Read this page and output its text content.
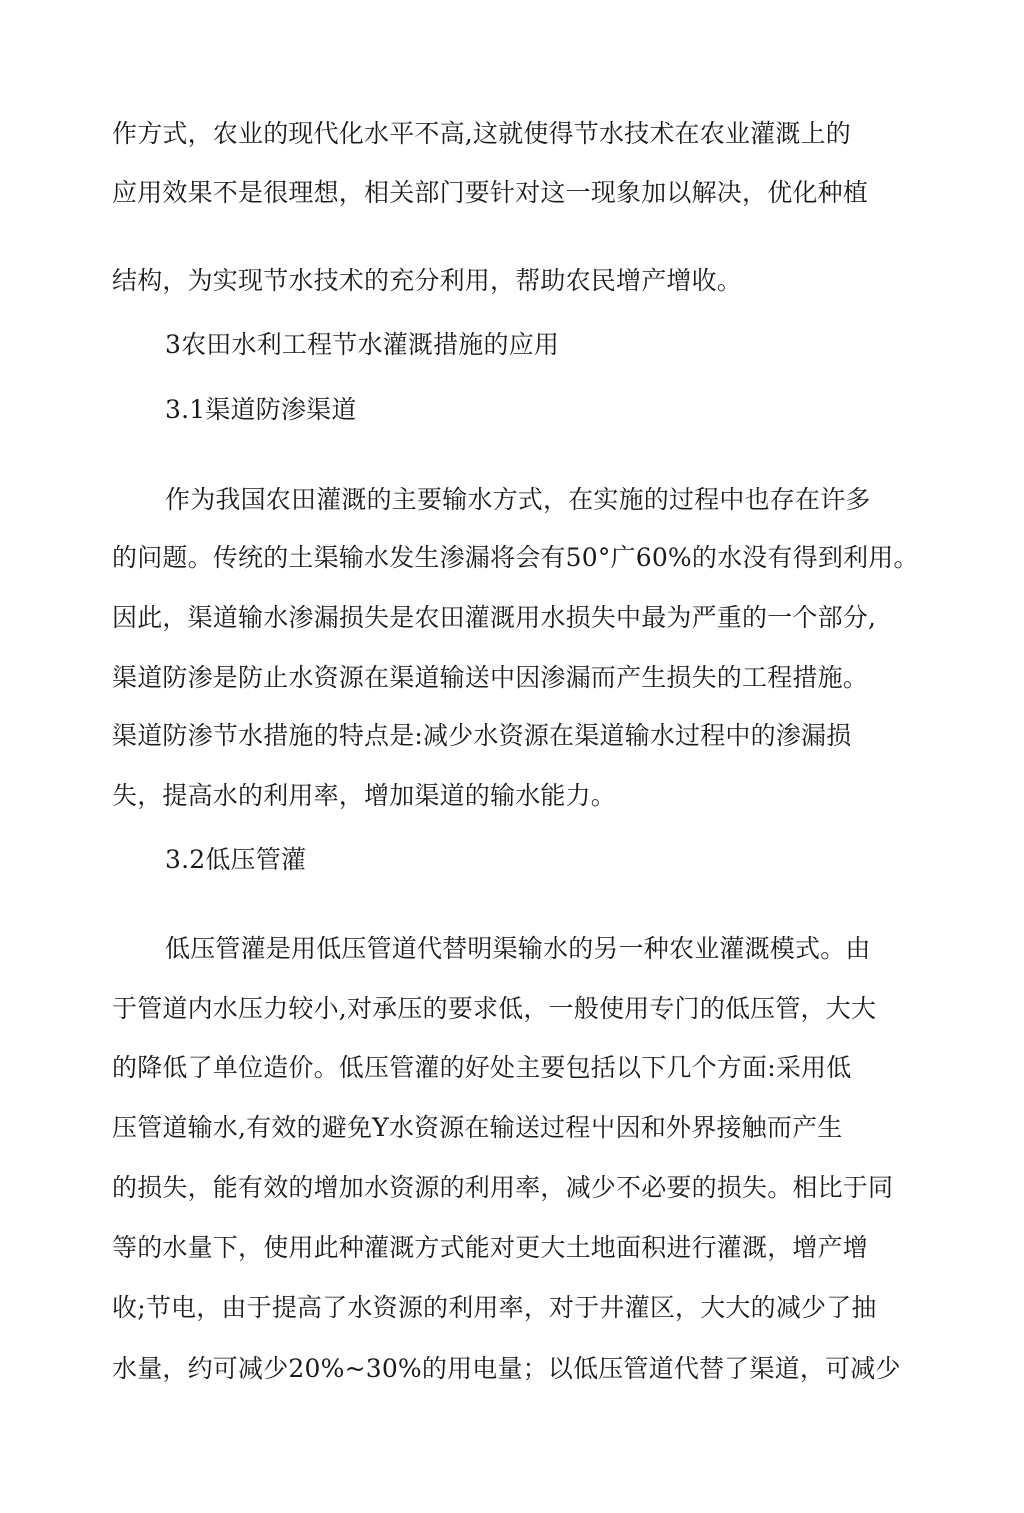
作方式，农业的现代化水平不高,这就使得节水技术在农业灌溉上的
应用效果不是很理想，相关部门要针对这一现象加以解决，优化种植
结构，为实现节水技术的充分利用，帮助农民增产增收。
3农田水利工程节水灌溉措施的应用
3.1渠道防渗渠道
作为我国农田灌溉的主要输水方式，在实施的过程中也存在许多
的问题。传统的土渠输水发生渗漏将会有50°广60%的水没有得到利用。
因此，渠道输水渗漏损失是农田灌溉用水损失中最为严重的一个部分,
渠道防渗是防止水资源在渠道输送中因渗漏而产生损失的工程措施。
渠道防渗节水措施的特点是:减少水资源在渠道输水过程中的渗漏损
失，提高水的利用率，增加渠道的输水能力。
3.2低压管灌
低压管灌是用低压管道代替明渠输水的另一种农业灌溉模式。由
于管道内水压力较小,对承压的要求低，一般使用专门的低压管，大大
的降低了单位造价。低压管灌的好处主要包括以下几个方面:采用低
压管道输水,有效的避免Y水资源在输送过程屮因和外界接触而产生
的损失，能有效的增加水资源的利用率，减少不必要的损失。相比于同
等的水量下，使用此种灌溉方式能对更大土地面积进行灌溉，增产增
收;节电，由于提高了水资源的利用率，对于井灌区，大大的减少了抽
水量，约可减少20%~30%的用电量；以低压管道代替了渠道，可减少
